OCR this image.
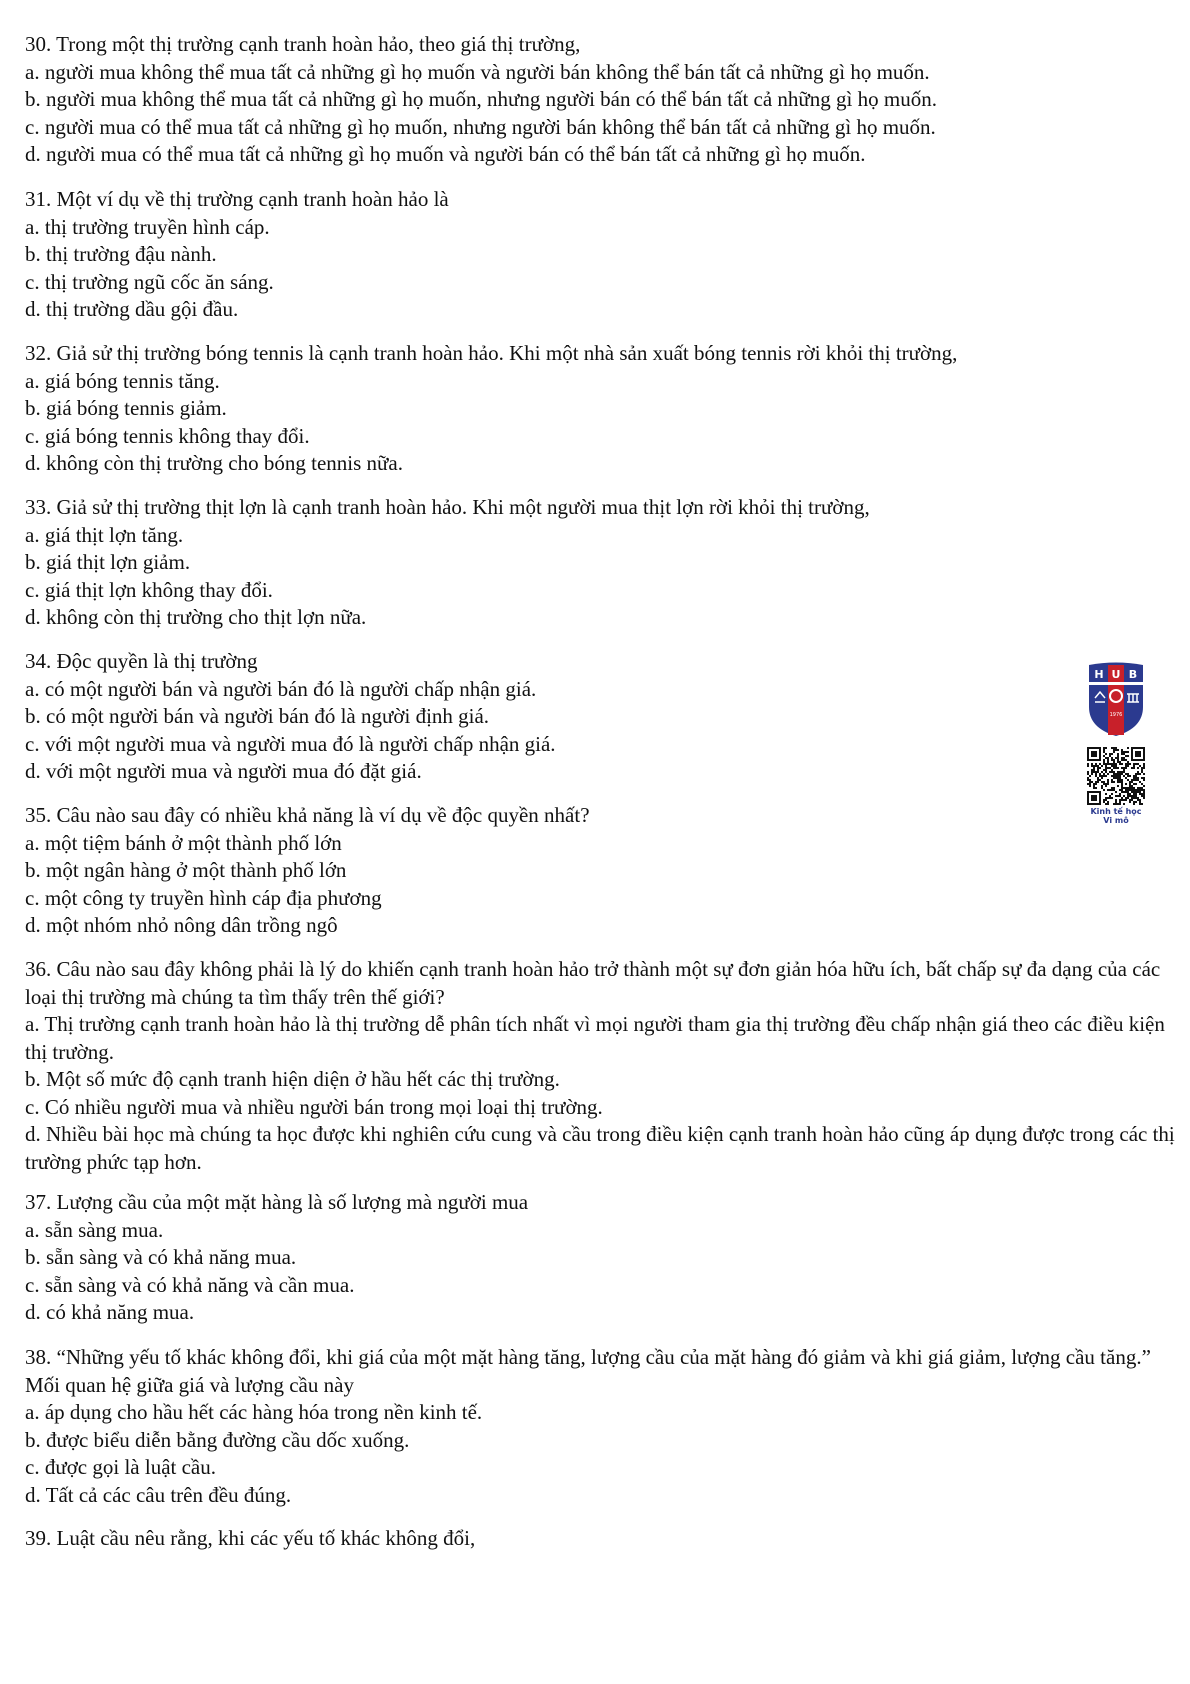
30. Trong một thị trường cạnh tranh hoàn hảo, theo giá thị trường,

a. người mua không thể mua tất cả những gì họ muốn và người bán không thể bán tất cả những gì họ muốn.

b. người mua không thể mua tất cả những gì họ muốn, nhưng người bán có thể bán tất cả những gì họ muốn.

c. người mua có thể mua tất cả những gì họ muốn, nhưng người bán không thể bán tất cả những gì họ muốn.

d. người mua có thể mua tất cả những gì họ muốn và người bán có thể bán tất cả những gì họ muốn.

31. Một ví dụ về thị trường cạnh tranh hoàn hảo là

a. thị trường truyền hình cáp.

b. thị trường đậu nành.

c. thị trường ngũ cốc ăn sáng.

d. thị trường dầu gội đầu.

32. Giả sử thị trường bóng tennis là cạnh tranh hoàn hảo. Khi một nhà sản xuất bóng tennis rời khỏi thị trường,

a. giá bóng tennis tăng.

b. giá bóng tennis giảm.

c. giá bóng tennis không thay đổi.

d. không còn thị trường cho bóng tennis nữa.

33. Giả sử thị trường thịt lợn là cạnh tranh hoàn hảo. Khi một người mua thịt lợn rời khỏi thị trường,

a. giá thịt lợn tăng.

b. giá thịt lợn giảm.

c. giá thịt lợn không thay đổi.

d. không còn thị trường cho thịt lợn nữa.

34. Độc quyền là thị trường

a. có một người bán và người bán đó là người chấp nhận giá.

b. có một người bán và người bán đó là người định giá.

c. với một người mua và người mua đó là người chấp nhận giá.

d. với một người mua và người mua đó đặt giá.

35. Câu nào sau đây có nhiều khả năng là ví dụ về độc quyền nhất?

a. một tiệm bánh ở một thành phố lớn

b. một ngân hàng ở một thành phố lớn

c. một công ty truyền hình cáp địa phương

d. một nhóm nhỏ nông dân trồng ngô

36. Câu nào sau đây không phải là lý do khiến cạnh tranh hoàn hảo trở thành một sự đơn giản hóa hữu ích, bất chấp sự đa dạng của các loại thị trường mà chúng ta tìm thấy trên thế giới?

a. Thị trường cạnh tranh hoàn hảo là thị trường dễ phân tích nhất vì mọi người tham gia thị trường đều chấp nhận giá theo các điều kiện thị trường.

b. Một số mức độ cạnh tranh hiện diện ở hầu hết các thị trường.

c. Có nhiều người mua và nhiều người bán trong mọi loại thị trường.

d. Nhiều bài học mà chúng ta học được khi nghiên cứu cung và cầu trong điều kiện cạnh tranh hoàn hảo cũng áp dụng được trong các thị trường phức tạp hơn.

37. Lượng cầu của một mặt hàng là số lượng mà người mua

a. sẵn sàng mua.

b. sẵn sàng và có khả năng mua.

c. sẵn sàng và có khả năng và cần mua.

d. có khả năng mua.

38. “Những yếu tố khác không đổi, khi giá của một mặt hàng tăng, lượng cầu của mặt hàng đó giảm và khi giá giảm, lượng cầu tăng.” Mối quan hệ giữa giá và lượng cầu này

a. áp dụng cho hầu hết các hàng hóa trong nền kinh tế.

b. được biểu diễn bằng đường cầu dốc xuống.

c. được gọi là luật cầu.

d. Tất cả các câu trên đều đúng.

39. Luật cầu nêu rằng, khi các yếu tố khác không đổi,

H U B
1976
Kinh tế học
Vi mô
